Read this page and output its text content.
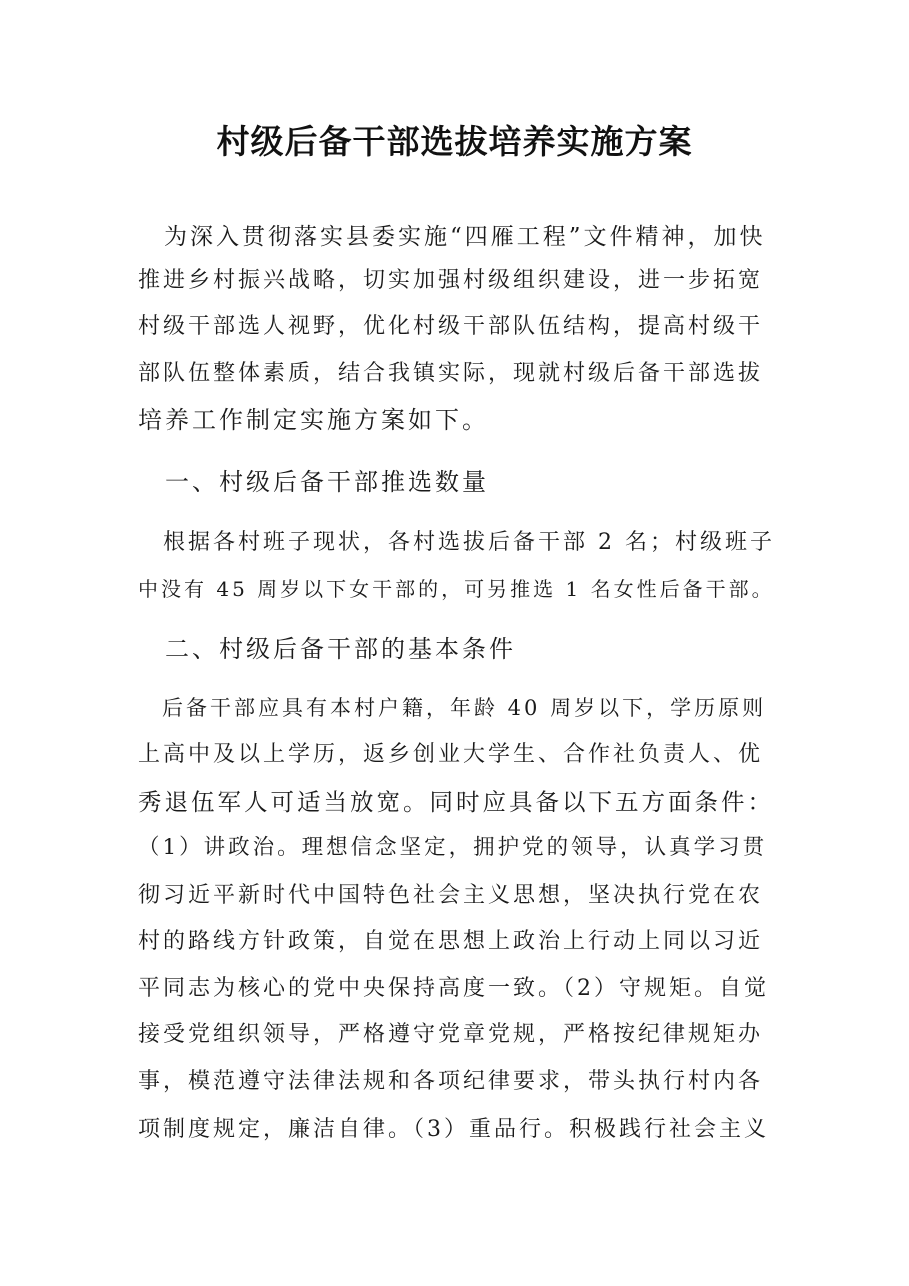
村级后备干部选拔培养实施方案
　为深入贯彻落实县委实施“四雁工程”文件精神，加快
推进乡村振兴战略，切实加强村级组织建设，进一步拓宽
村级干部选人视野，优化村级干部队伍结构，提高村级干
部队伍整体素质，结合我镇实际，现就村级后备干部选拔
培养工作制定实施方案如下。
　一、村级后备干部推选数量
　根据各村班子现状，各村选拔后备干部 2 名；村级班子
中没有 45 周岁以下女干部的，可另推选 1 名女性后备干部。
　二、村级后备干部的基本条件
　后备干部应具有本村户籍，年龄 40 周岁以下，学历原则
上高中及以上学历，返乡创业大学生、合作社负责人、优
秀退伍军人可适当放宽。同时应具备以下五方面条件：
（1）讲政治。理想信念坚定，拥护党的领导，认真学习贯
彻习近平新时代中国特色社会主义思想，坚决执行党在农
村的路线方针政策，自觉在思想上政治上行动上同以习近
平同志为核心的党中央保持高度一致。（2）守规矩。自觉
接受党组织领导，严格遵守党章党规，严格按纪律规矩办
事，模范遵守法律法规和各项纪律要求，带头执行村内各
项制度规定，廉洁自律。（3）重品行。积极践行社会主义
